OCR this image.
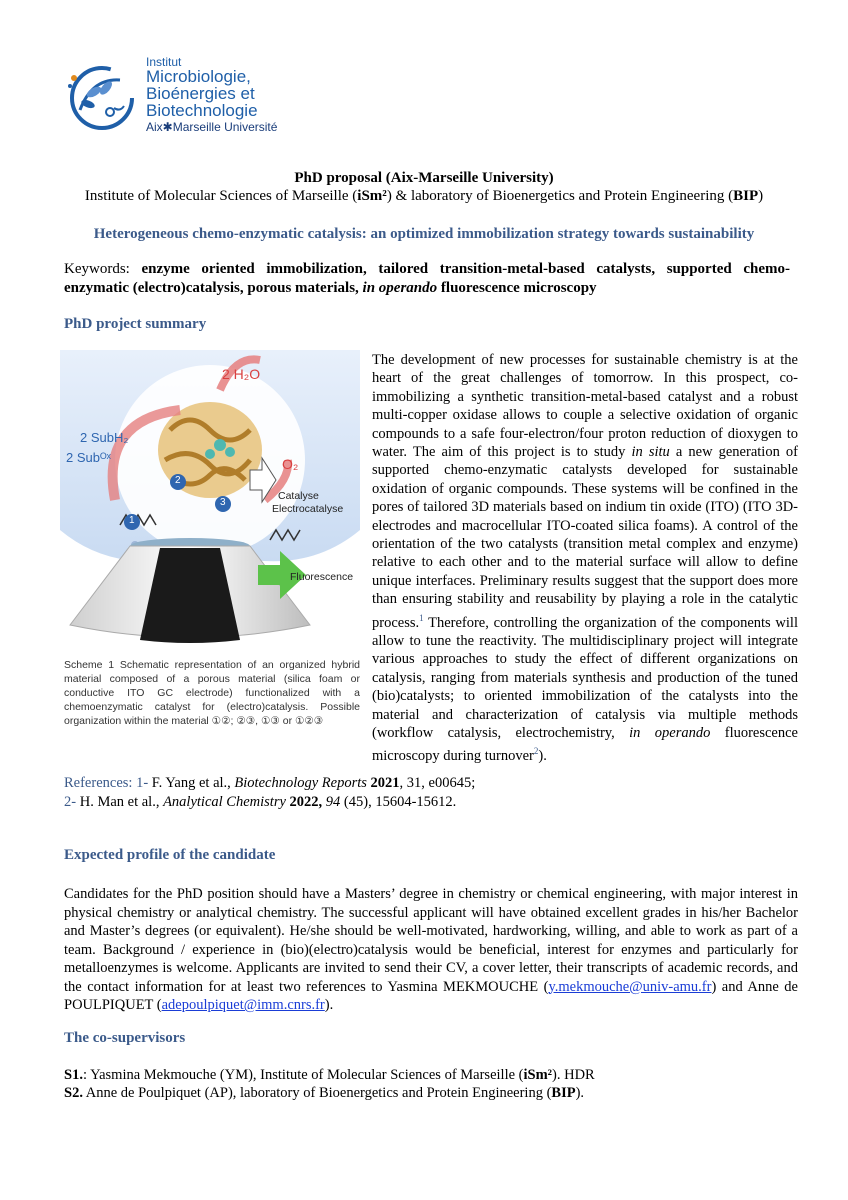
Institut
Microbiologie,
Bioénergies et
Biotechnologie
Aix✱Marseille Université
PhD proposal (Aix-Marseille University)
Institute of Molecular Sciences of Marseille (iSm²) & laboratory of Bioenergetics and Protein Engineering (BIP)
Heterogeneous chemo-enzymatic catalysis: an optimized immobilization strategy towards sustainability
Keywords: enzyme oriented immobilization, tailored transition-metal-based catalysts, supported chemo-enzymatic (electro)catalysis, porous materials, in operando fluorescence microscopy
PhD project summary
2 H₂O
O₂
2 SubH₂
2 Subᴼˣ
Catalyse
Electrocatalyse
Fluorescence
1
2
3
Scheme 1 Schematic representation of an organized hybrid material composed of a porous material (silica foam or conductive ITO GC electrode) functionalized with a chemoenzymatic catalyst for (electro)catalysis. Possible organization within the material ①②; ②③, ①③ or ①②③
The development of new processes for sustainable chemistry is at the heart of the great challenges of tomorrow. In this prospect, co-immobilizing a synthetic transition-metal-based catalyst and a robust multi-copper oxidase allows to couple a selective oxidation of organic compounds to a safe four-electron/four proton reduction of dioxygen to water. The aim of this project is to study in situ a new generation of supported chemo-enzymatic catalysts developed for sustainable oxidation of organic compounds. These systems will be confined in the pores of tailored 3D materials based on indium tin oxide (ITO) (ITO 3D-electrodes and macrocellular ITO-coated silica foams). A control of the orientation of the two catalysts (transition metal complex and enzyme) relative to each other and to the material surface will allow to define unique interfaces. Preliminary results suggest that the support does more than ensuring stability and reusability by playing a role in the catalytic process.$^1$ Therefore, controlling the organization of the components will allow to tune the reactivity. The multidisciplinary project will integrate various approaches to study the effect of different organizations on catalysis, ranging from materials synthesis and production of the tuned (bio)catalysts; to oriented immobilization of the catalysts into the material and characterization of catalysis via multiple methods (workflow catalysis, electrochemistry, in operando fluorescence microscopy during turnover$^2$).
References: 1- F. Yang et al., Biotechnology Reports 2021, 31, e00645;
2- H. Man et al., Analytical Chemistry 2022, 94 (45), 15604-15612.
Expected profile of the candidate
Candidates for the PhD position should have a Masters’ degree in chemistry or chemical engineering, with major interest in physical chemistry or analytical chemistry. The successful applicant will have obtained excellent grades in his/her Bachelor and Master’s degrees (or equivalent). He/she should be well-motivated, hardworking, willing, and able to work as part of a team. Background / experience in (bio)(electro)catalysis would be beneficial, interest for enzymes and particularly for metalloenzymes is welcome. Applicants are invited to send their CV, a cover letter, their transcripts of academic records, and the contact information for at least two references to Yasmina MEKMOUCHE (y.mekmouche@univ-amu.fr) and Anne de POULPIQUET (adepoulpiquet@imm.cnrs.fr).
The co-supervisors
S1.: Yasmina Mekmouche (YM), Institute of Molecular Sciences of Marseille (iSm²). HDR
S2. Anne de Poulpiquet (AP), laboratory of Bioenergetics and Protein Engineering (BIP).
